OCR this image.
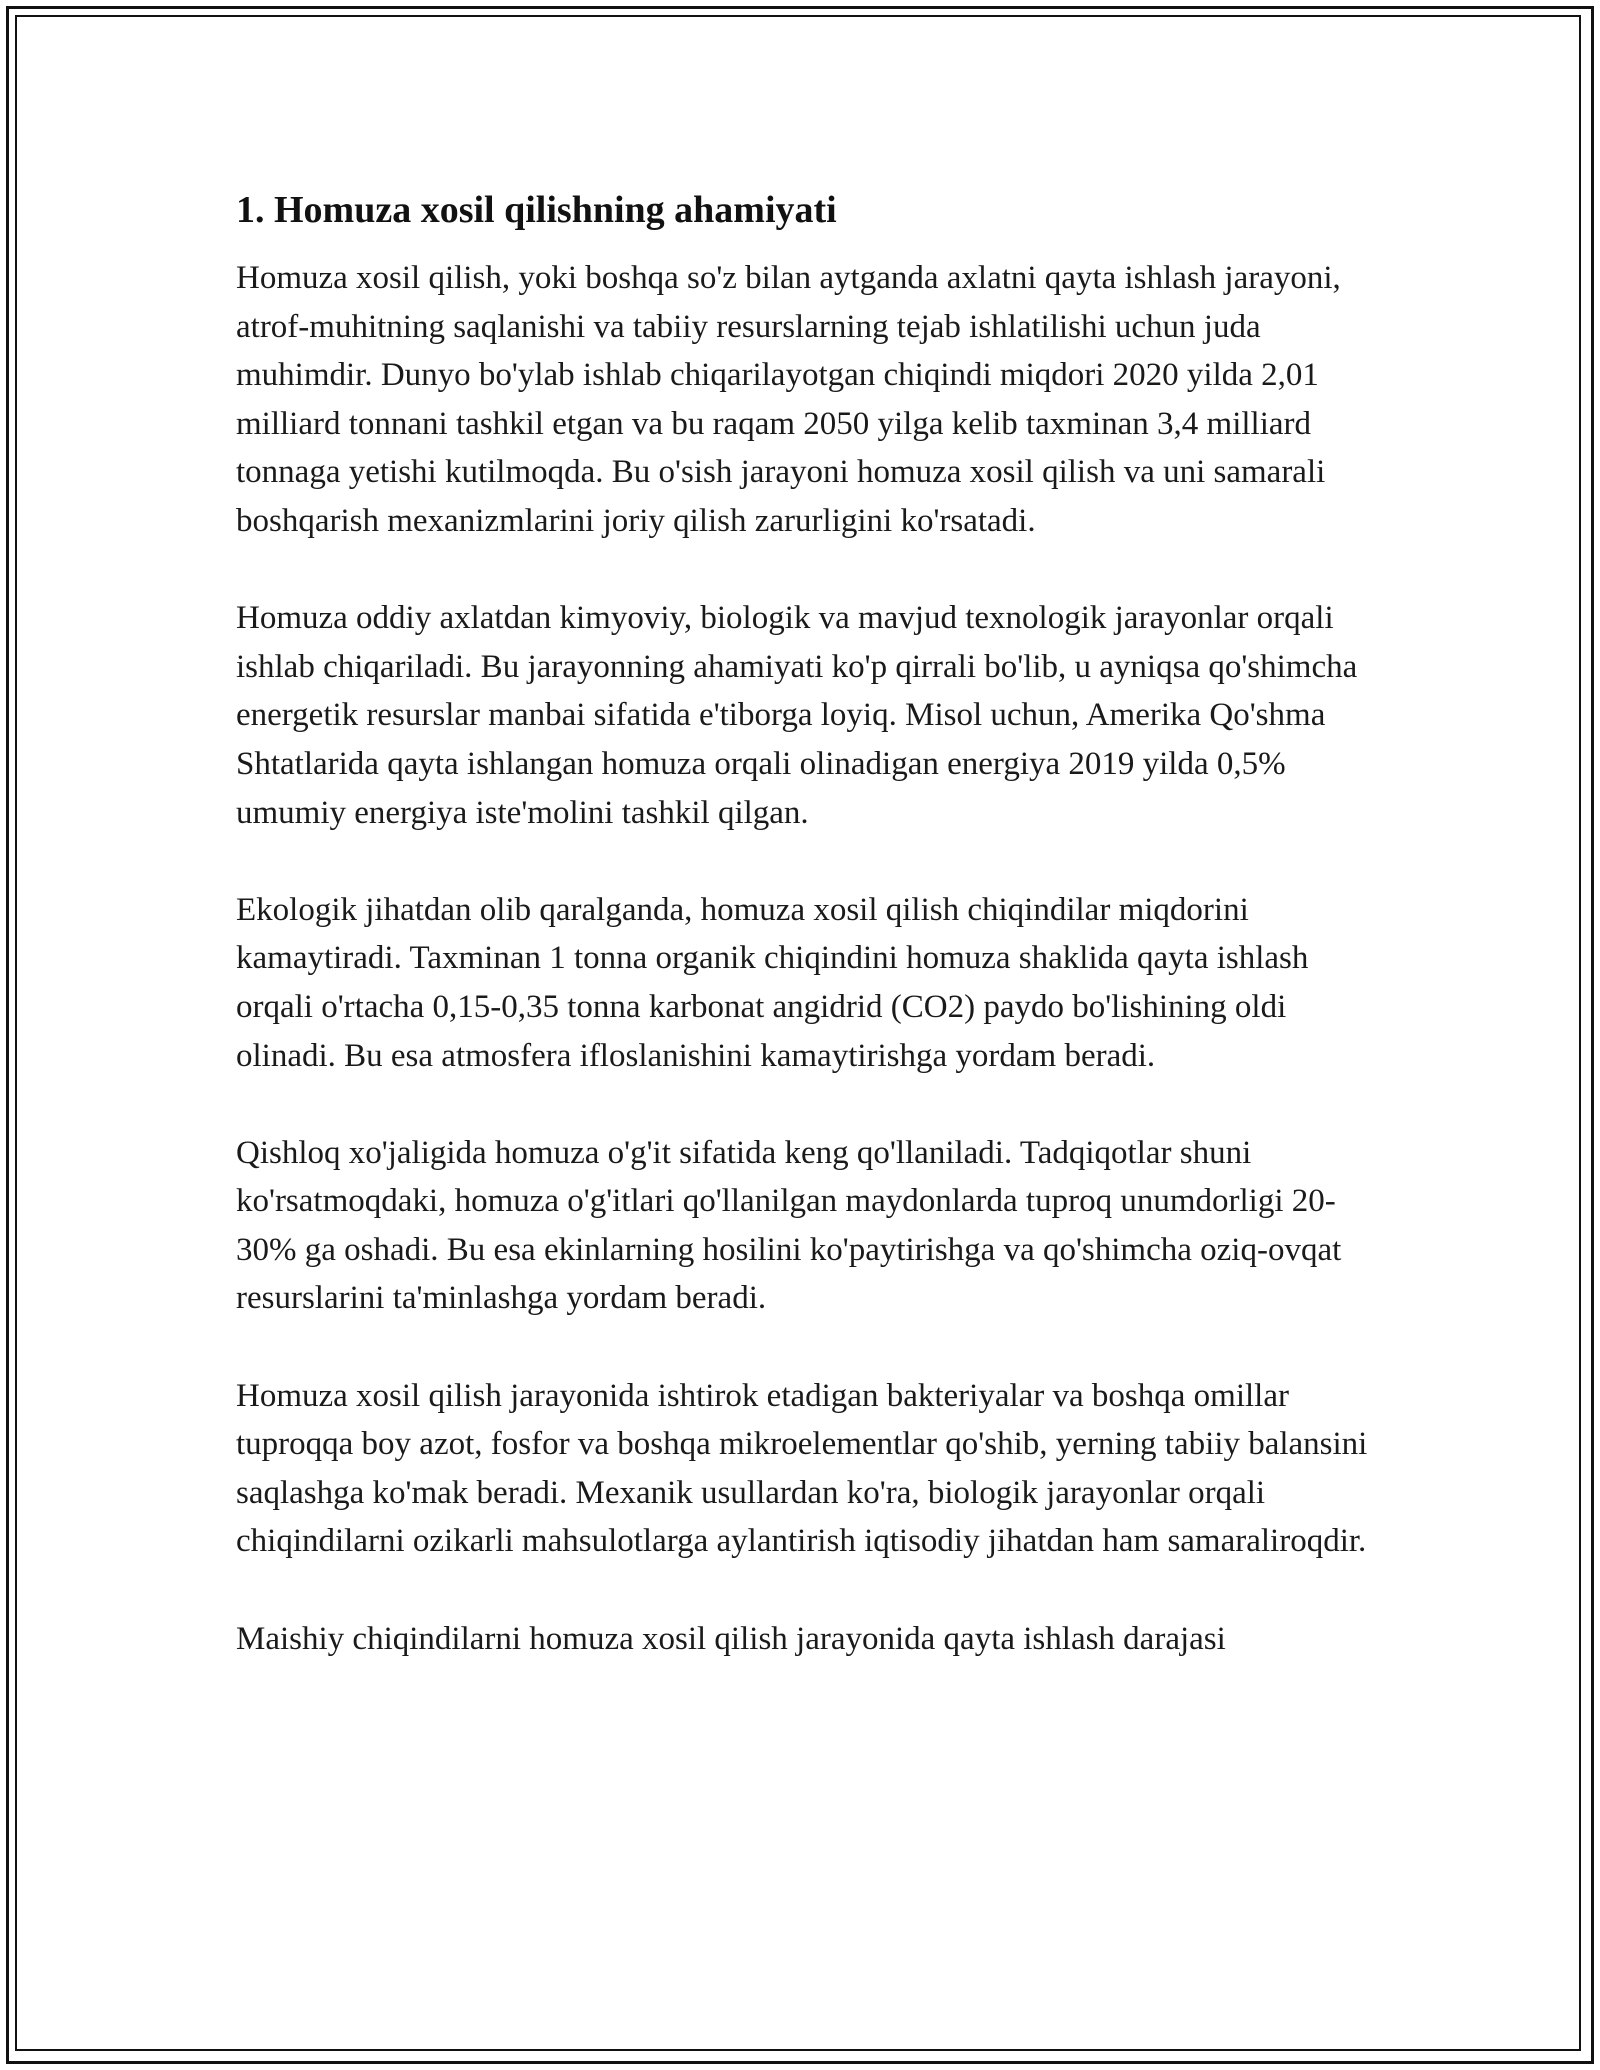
1. Homuza xosil qilishning ahamiyati

Homuza xosil qilish, yoki boshqa so'z bilan aytganda axlatni qayta ishlash jarayoni, atrof-muhitning saqlanishi va tabiiy resurslarning tejab ishlatilishi uchun juda muhimdir. Dunyo bo'ylab ishlab chiqarilayotgan chiqindi miqdori 2020 yilda 2,01 milliard tonnani tashkil etgan va bu raqam 2050 yilga kelib taxminan 3,4 milliard tonnaga yetishi kutilmoqda. Bu o'sish jarayoni homuza xosil qilish va uni samarali boshqarish mexanizmlarini joriy qilish zarurligini ko'rsatadi.

Homuza oddiy axlatdan kimyoviy, biologik va mavjud texnologik jarayonlar orqali ishlab chiqariladi. Bu jarayonning ahamiyati ko'p qirrali bo'lib, u ayniqsa qo'shimcha energetik resurslar manbai sifatida e'tiborga loyiq. Misol uchun, Amerika Qo'shma Shtatlarida qayta ishlangan homuza orqali olinadigan energiya 2019 yilda 0,5% umumiy energiya iste'molini tashkil qilgan.

Ekologik jihatdan olib qaralganda, homuza xosil qilish chiqindilar miqdorini kamaytiradi. Taxminan 1 tonna organik chiqindini homuza shaklida qayta ishlash orqali o'rtacha 0,15-0,35 tonna karbonat angidrid (CO2) paydo bo'lishining oldi olinadi. Bu esa atmosfera ifloslanishini kamaytirishga yordam beradi.

Qishloq xo'jaligida homuza o'g'it sifatida keng qo'llaniladi. Tadqiqotlar shuni ko'rsatmoqdaki, homuza o'g'itlari qo'llanilgan maydonlarda tuproq unumdorligi 20-30% ga oshadi. Bu esa ekinlarning hosilini ko'paytirishga va qo'shimcha oziq-ovqat resurslarini ta'minlashga yordam beradi.

Homuza xosil qilish jarayonida ishtirok etadigan bakteriyalar va boshqa omillar tuproqqa boy azot, fosfor va boshqa mikroelementlar qo'shib, yerning tabiiy balansini saqlashga ko'mak beradi. Mexanik usullardan ko'ra, biologik jarayonlar orqali chiqindilarni ozikarli mahsulotlarga aylantirish iqtisodiy jihatdan ham samaraliroqdir.

Maishiy chiqindilarni homuza xosil qilish jarayonida qayta ishlash darajasi
